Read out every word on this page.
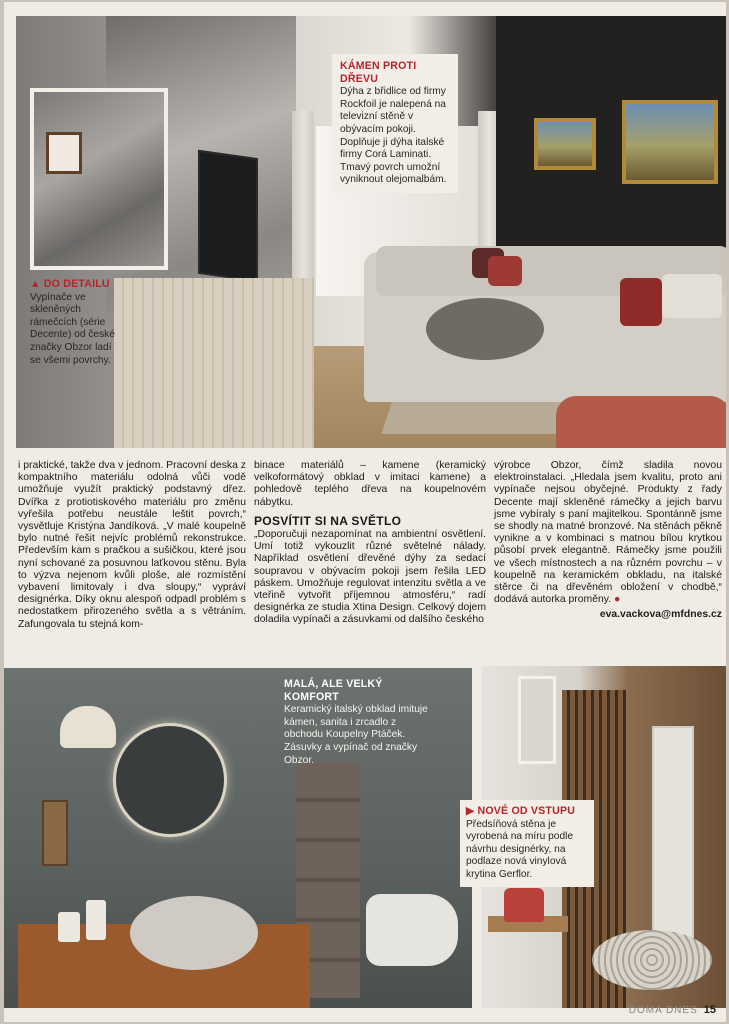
KÁMEN PROTI DŘEVU

Dýha z břidlice od firmy Rockfoil je nalepená na televizní stěně v obývacím pokoji. Doplňuje ji dýha italské firmy Corá Laminati. Tmavý povrch umožní vyniknout olejomalbám.

▲ DO DETAILU

Vypínače ve skleněných rámečcích (série Decente) od české značky Obzor ladí se všemi povrchy.

i praktické, takže dva v jednom. Pracovní deska z kompaktního materiálu odolná vůči vodě umožňuje využít praktický podstavný dřez. Dvířka z protiotiskového materiálu pro změnu vyřešila potřebu neustále leštit povrch,“ vysvětluje Kristýna Jandíková. „V malé koupelně bylo nutné řešit nejvíc problémů rekonstrukce. Především kam s pračkou a sušičkou, které jsou nyní schované za posuvnou laťkovou stěnu. Byla to výzva nejenom kvůli ploše, ale rozmístění vybavení limitovaly i dva sloupy,“ vypráví designérka. Díky oknu alespoň odpadl problém s nedostatkem přirozeného světla a s větráním. Zafungovala tu stejná kom-

binace materiálů – kamene (keramický velkoformátový obklad v imitaci kamene) a pohledově teplého dřeva na koupelnovém nábytku.

POSVÍTIT SI NA SVĚTLO

„Doporučuji nezapomínat na ambientní osvětlení. Umí totiž vykouzlit různé světelné nálady. Například osvětlení dřevěné dýhy za sedací soupravou v obývacím pokoji jsem řešila LED páskem. Umožňuje regulovat intenzitu světla a ve vteřině vytvořit příjemnou atmosféru,“ radí designérka ze studia Xtina Design. Celkový dojem doladila vypínači a zásuvkami od dalšího českého

výrobce Obzor, čímž sladila novou elektroinstalaci. „Hledala jsem kvalitu, proto ani vypínače nejsou obyčejné. Produkty z řady Decente mají skleněné rámečky a jejich barvu jsme vybíraly s paní majitelkou. Spontánně jsme se shodly na matné bronzové. Na stěnách pěkně vynikne a v kombinaci s matnou bílou krytkou působí prvek elegantně. Rámečky jsme použili ve všech místnostech a na různém povrchu – v koupelně na keramickém obkladu, na italské stěrce či na dřevěném obložení v chodbě,“ dodává autorka proměny. ●

eva.vackova@mfdnes.cz

MALÁ, ALE VELKÝ KOMFORT

Keramický italský obklad imituje kámen, sanita i zrcadlo z obchodu Koupelny Ptáček. Zásuvky a vypínač od značky Obzor.

▶ NOVÉ OD VSTUPU

Předsíňová stěna je vyrobená na míru podle návrhu designérky, na podlaze nová vinylová krytina Gerflor.

DOMA DNES 15
